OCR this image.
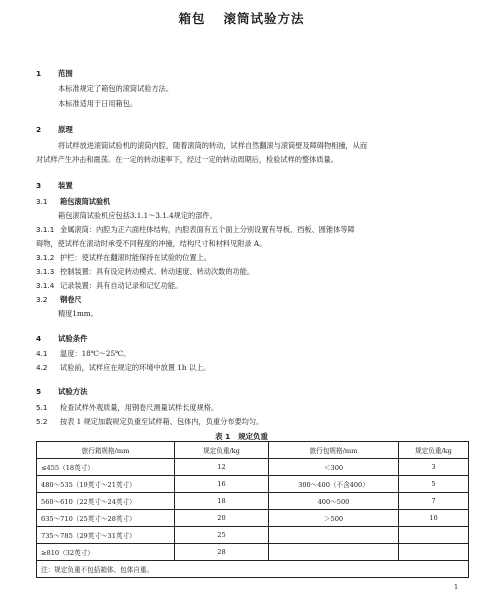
箱包 滚筒试验方法
1 范围
本标准规定了箱包的滚筒试验方法。
本标准适用于日用箱包。
2 原理
将试样放进滚筒试验机的滚筒内腔，随着滚筒的转动，试样自然翻滚与滚筒壁及障碍物相撞，从而
对试样产生冲击和震荡。在一定的转动速率下，经过一定的转动周期后，检验试样的整体质量。
3 装置
3.1 箱包滚筒试验机
箱包滚筒试验机应包括3.1.1～3.1.4规定的部件。
3.1.1 金属滚筒：内腔为正六面柱体结构，内腔表面有五个面上分别设置有导板、挡板、圆锥体等障
碍物，使试样在滚动时承受不同程度的冲撞，结构尺寸和材料见附录 A。
3.1.2 护栏：使试样在翻滚时能保持在试验的位置上。
3.1.3 控制装置：具有设定转动模式、转动速度、转动次数的功能。
3.1.4 记录装置：具有自动记录和记忆功能。
3.2 钢卷尺
精度1mm。
4 试验条件
4.1 温度：18℃～25℃。
4.2 试验前，试样应在规定的环境中放置 1h 以上。
5 试验方法
5.1 检查试样外观质量，用钢卷尺测量试样长度规格。
5.2 按表 1 规定加载规定负重至试样箱、包体内，负重分布要均匀。
表 1 规定负重
旅行箱规格/mm	规定负重/kg	旅行包规格/mm	规定负重/kg
≤455（18英寸）	12	＜300	3
480～535（19英寸～21英寸）	16	300～400（不含400）	5
560～610（22英寸～24英寸）	18	400～500	7
635～710（25英寸～28英寸）	20	＞500	10
735～785（29英寸～31英寸）	25		
≥810（32英寸）	28		
注：规定负重不包括箱体、包体自重。			
1
